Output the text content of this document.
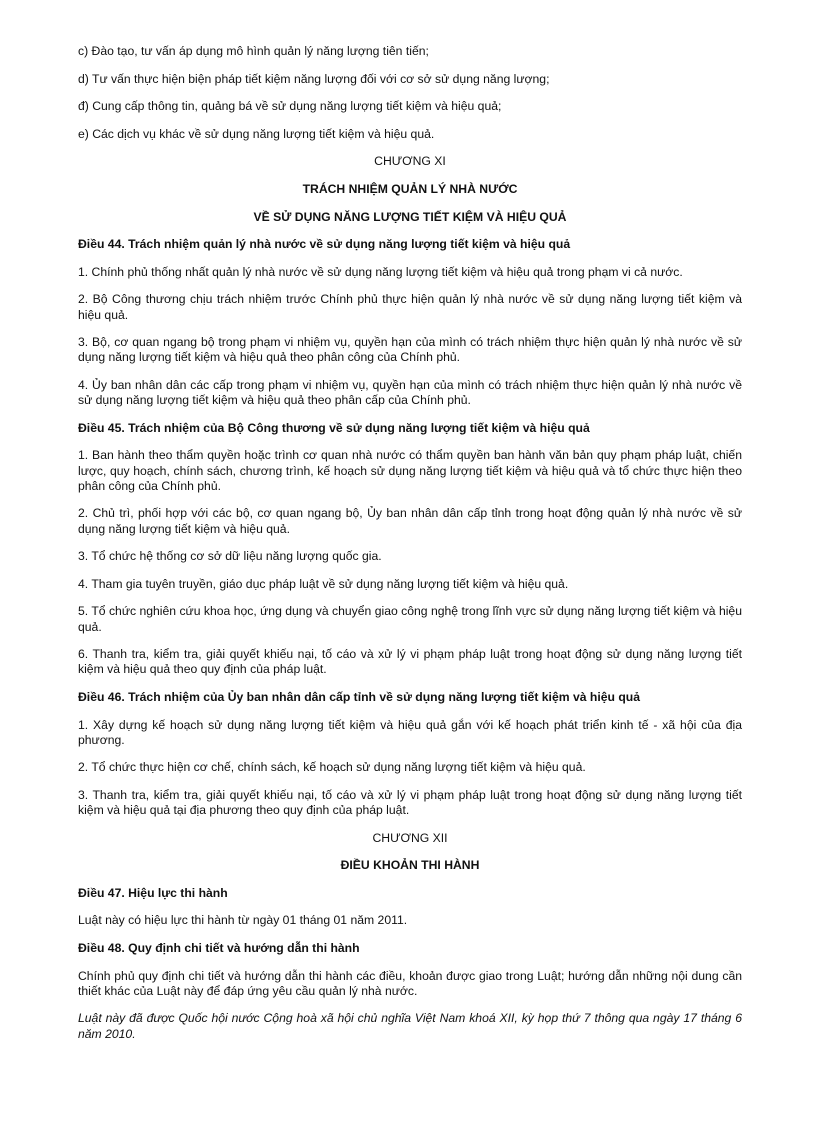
c) Đào tạo, tư vấn áp dụng mô hình quản lý năng lượng tiên tiến;

d) Tư vấn thực hiện biện pháp tiết kiệm năng lượng đối với cơ sở sử dụng năng lượng;

đ) Cung cấp thông tin, quảng bá về sử dụng năng lượng tiết kiệm và hiệu quả;

e) Các dịch vụ khác về sử dụng năng lượng tiết kiệm và hiệu quả.

CHƯƠNG XI

TRÁCH NHIỆM QUẢN LÝ NHÀ NƯỚC

VỀ SỬ DỤNG NĂNG LƯỢNG TIẾT KIỆM VÀ HIỆU QUẢ

Điều 44. Trách nhiệm quản lý nhà nước về sử dụng năng lượng tiết kiệm và hiệu quả

1. Chính phủ thống nhất quản lý nhà nước về sử dụng năng lượng tiết kiệm và hiệu quả trong phạm vi cả nước.

2. Bộ Công thương chịu trách nhiệm trước Chính phủ thực hiện quản lý nhà nước về sử dụng năng lượng tiết kiệm và hiệu quả.

3. Bộ, cơ quan ngang bộ trong phạm vi nhiệm vụ, quyền hạn của mình có trách nhiệm thực hiện quản lý nhà nước về sử dụng năng lượng tiết kiệm và hiệu quả theo phân công của Chính phủ.

4. Ủy ban nhân dân các cấp trong phạm vi nhiệm vụ, quyền hạn của mình có trách nhiệm thực hiện quản lý nhà nước về sử dụng năng lượng tiết kiệm và hiệu quả theo phân cấp của Chính phủ.

Điều 45. Trách nhiệm của Bộ Công thương về sử dụng năng lượng tiết kiệm và hiệu quả

1. Ban hành theo thẩm quyền hoặc trình cơ quan nhà nước có thẩm quyền ban hành văn bản quy phạm pháp luật, chiến lược, quy hoạch, chính sách, chương trình, kế hoạch sử dụng năng lượng tiết kiệm và hiệu quả và tổ chức thực hiện theo phân công của Chính phủ.

2. Chủ trì, phối hợp với các bộ, cơ quan ngang bộ, Ủy ban nhân dân cấp tỉnh trong hoạt động quản lý nhà nước về sử dụng năng lượng tiết kiệm và hiệu quả.

3. Tổ chức hệ thống cơ sở dữ liệu năng lượng quốc gia.

4. Tham gia tuyên truyền, giáo dục pháp luật về sử dụng năng lượng tiết kiệm và hiệu quả.

5. Tổ chức nghiên cứu khoa học, ứng dụng và chuyển giao công nghệ trong lĩnh vực sử dụng năng lượng tiết kiệm và hiệu quả.

6. Thanh tra, kiểm tra, giải quyết khiếu nại, tố cáo và xử lý vi phạm pháp luật trong hoạt động sử dụng năng lượng tiết kiệm và hiệu quả theo quy định của pháp luật.

Điều 46. Trách nhiệm của Ủy ban nhân dân cấp tỉnh về sử dụng năng lượng tiết kiệm và hiệu quả

1. Xây dựng kế hoạch sử dụng năng lượng tiết kiệm và hiệu quả gắn với kế hoạch phát triển kinh tế - xã hội của địa phương.

2. Tổ chức thực hiện cơ chế, chính sách, kế hoạch sử dụng năng lượng tiết kiệm và hiệu quả.

3. Thanh tra, kiểm tra, giải quyết khiếu nại, tố cáo và xử lý vi phạm pháp luật trong hoạt động sử dụng năng lượng tiết kiệm và hiệu quả tại địa phương theo quy định của pháp luật.

CHƯƠNG XII

ĐIỀU KHOẢN THI HÀNH

Điều 47. Hiệu lực thi hành

Luật này có hiệu lực thi hành từ ngày 01 tháng 01 năm 2011.

Điều 48. Quy định chi tiết và hướng dẫn thi hành

Chính phủ quy định chi tiết và hướng dẫn thi hành các điều, khoản được giao trong Luật; hướng dẫn những nội dung cần thiết khác của Luật này để đáp ứng yêu cầu quản lý nhà nước.

Luật này đã được Quốc hội nước Cộng hoà xã hội chủ nghĩa Việt Nam khoá XII, kỳ họp thứ 7 thông qua ngày 17 tháng 6 năm 2010.
